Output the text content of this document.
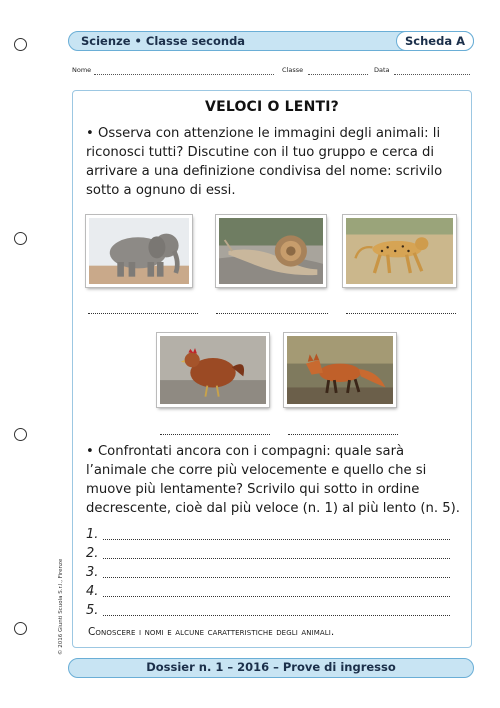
Scienze • Classe seconda	Scheda A
Nome	Classe	Data
© 2016 Giunti Scuola S.r.l., Firenze
VELOCI O LENTI?
• Osserva con attenzione le immagini degli animali: li riconosci tutti? Discutine con il tuo gruppo e cerca di arrivare a una definizione condivisa del nome: scrivilo sotto a ognuno di essi.
• Confrontati ancora con i compagni: quale sarà l’animale che corre più velocemente e quello che si muove più lentamente? Scrivilo qui sotto in ordine decrescente, cioè dal più veloce (n. 1) al più lento (n. 5).
1.
2.
3.
4.
5.
Conoscere i nomi e alcune caratteristiche degli animali.
Dossier n. 1 – 2016 – Prove di ingresso
